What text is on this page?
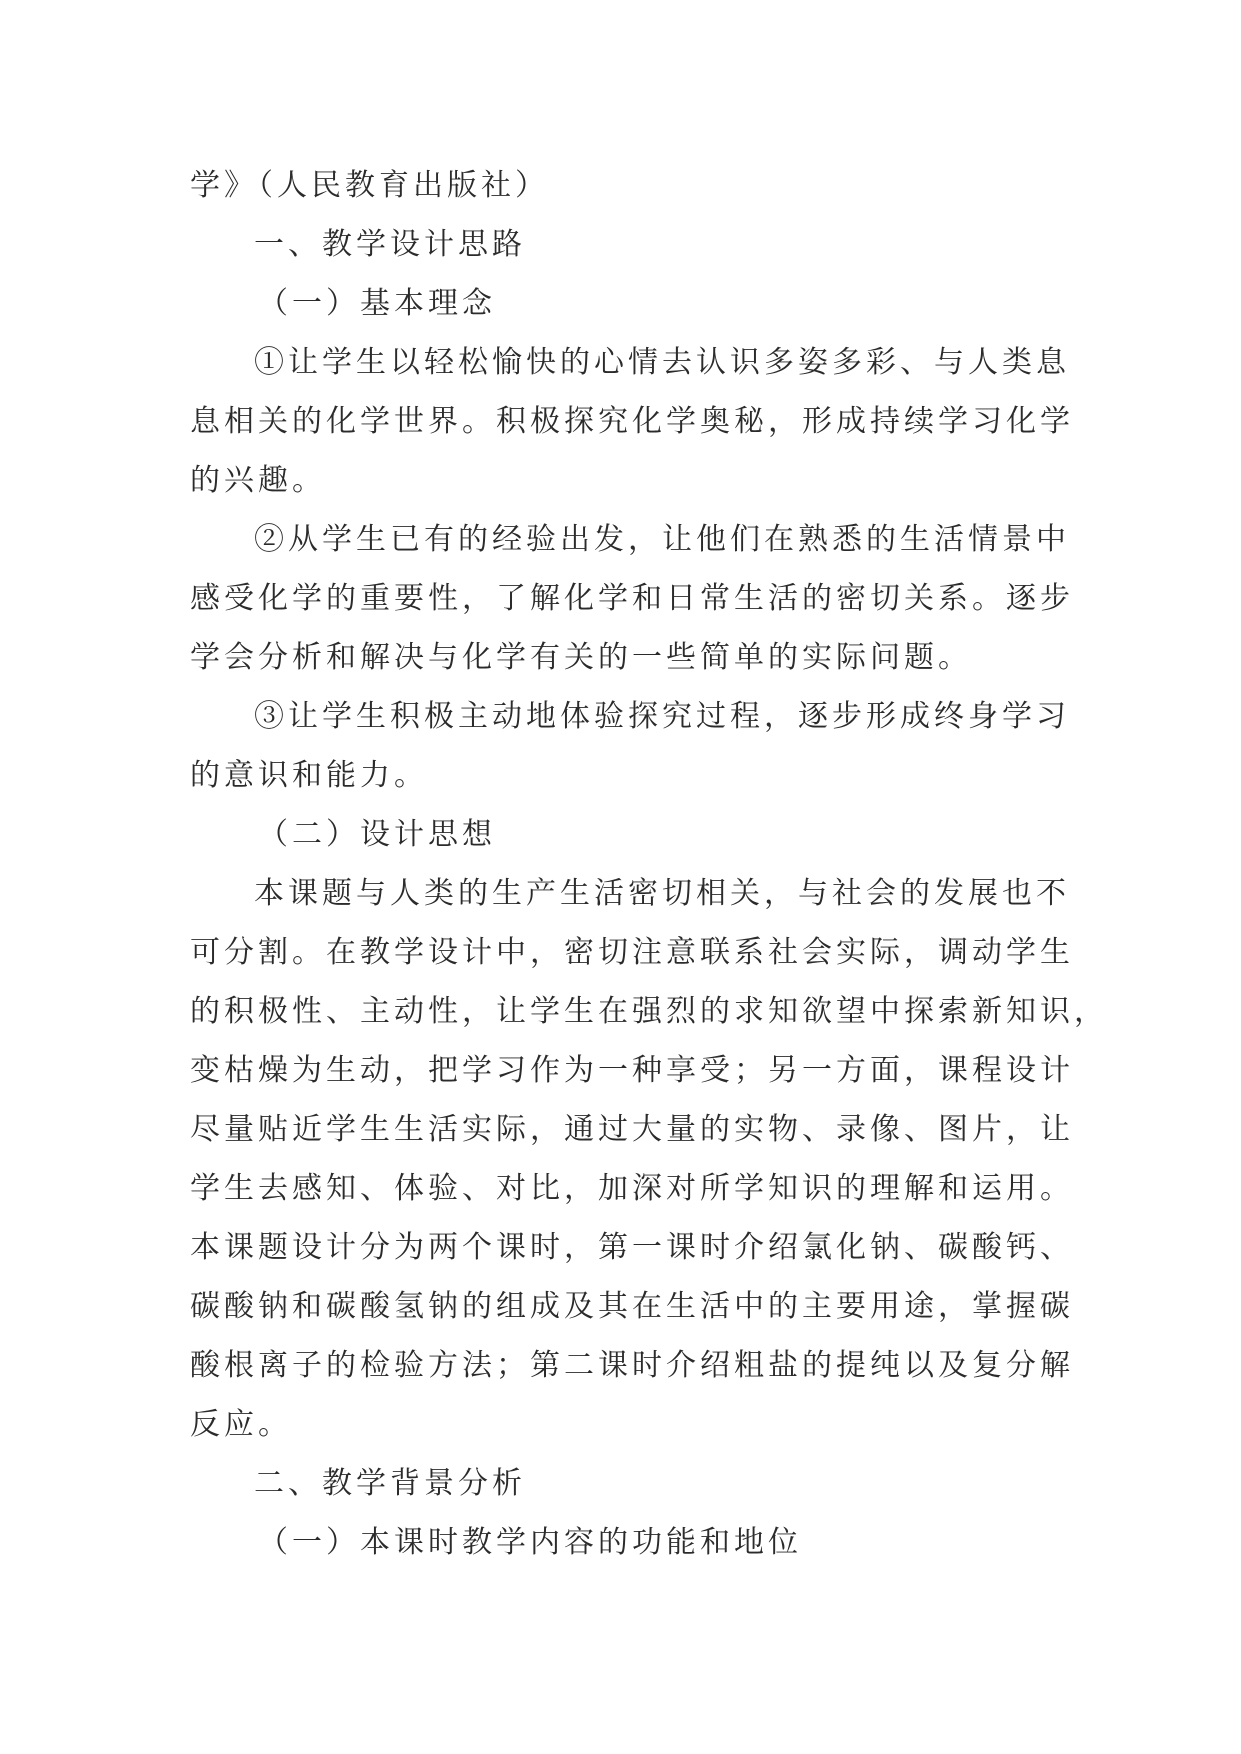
学》（人民教育出版社）
一、教学设计思路
（一）基本理念
①让学生以轻松愉快的心情去认识多姿多彩、与人类息
息相关的化学世界。积极探究化学奥秘，形成持续学习化学
的兴趣。
②从学生已有的经验出发，让他们在熟悉的生活情景中
感受化学的重要性，了解化学和日常生活的密切关系。逐步
学会分析和解决与化学有关的一些简单的实际问题。
③让学生积极主动地体验探究过程，逐步形成终身学习
的意识和能力。
（二）设计思想
本课题与人类的生产生活密切相关，与社会的发展也不
可分割。在教学设计中，密切注意联系社会实际，调动学生
的积极性、主动性，让学生在强烈的求知欲望中探索新知识，
变枯燥为生动，把学习作为一种享受；另一方面，课程设计
尽量贴近学生生活实际，通过大量的实物、录像、图片，让
学生去感知、体验、对比，加深对所学知识的理解和运用。
本课题设计分为两个课时，第一课时介绍氯化钠、碳酸钙、
碳酸钠和碳酸氢钠的组成及其在生活中的主要用途，掌握碳
酸根离子的检验方法；第二课时介绍粗盐的提纯以及复分解
反应。
二、教学背景分析
（一）本课时教学内容的功能和地位
